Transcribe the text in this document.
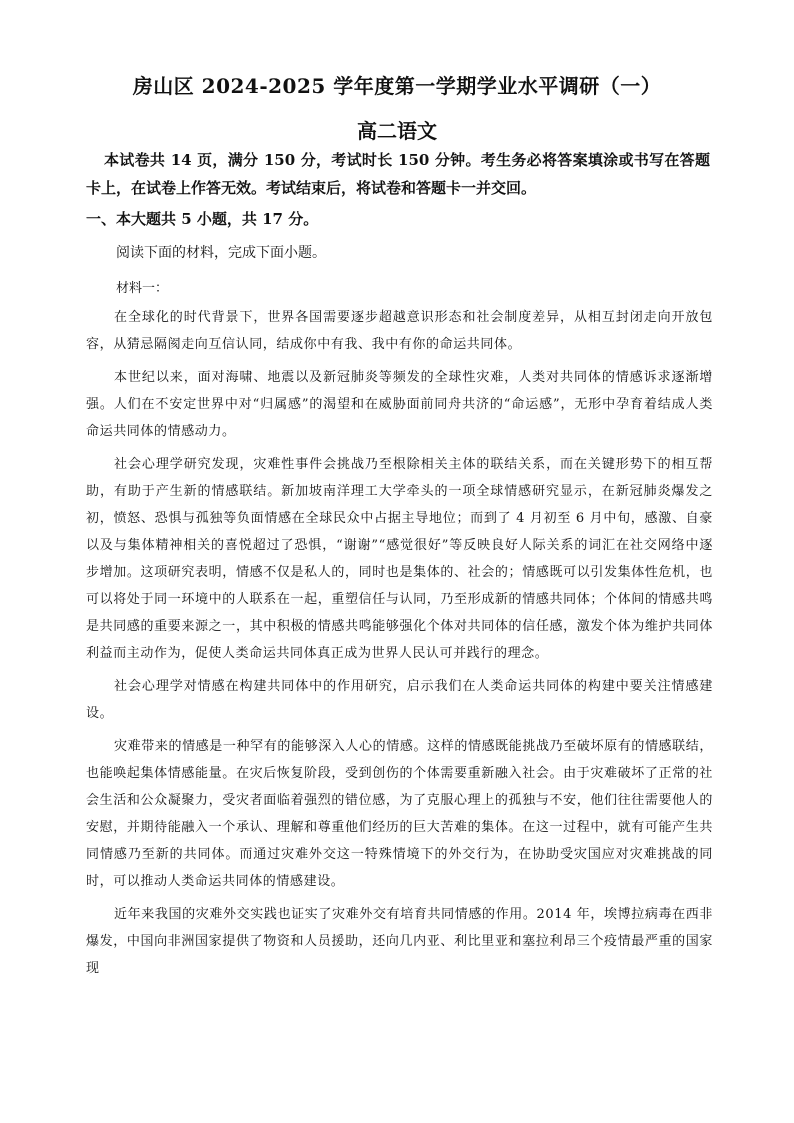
房山区 2024-2025 学年度第一学期学业水平调研（一）
高二语文
本试卷共 14 页，满分 150 分，考试时长 150 分钟。考生务必将答案填涂或书写在答题卡上，在试卷上作答无效。考试结束后，将试卷和答题卡一并交回。
一、本大题共 5 小题，共 17 分。
阅读下面的材料，完成下面小题。
材料一：

在全球化的时代背景下，世界各国需要逐步超越意识形态和社会制度差异，从相互封闭走向开放包容，从猜忌隔阂走向互信认同，结成你中有我、我中有你的命运共同体。

本世纪以来，面对海啸、地震以及新冠肺炎等频发的全球性灾难，人类对共同体的情感诉求逐渐增强。人们在不安定世界中对“归属感”的渴望和在威胁面前同舟共济的“命运感”，无形中孕育着结成人类命运共同体的情感动力。

社会心理学研究发现，灾难性事件会挑战乃至根除相关主体的联结关系，而在关键形势下的相互帮助，有助于产生新的情感联结。新加坡南洋理工大学牵头的一项全球情感研究显示，在新冠肺炎爆发之初，愤怒、恐惧与孤独等负面情感在全球民众中占据主导地位；而到了 4 月初至 6 月中旬，感激、自豪以及与集体精神相关的喜悦超过了恐惧，“谢谢”“感觉很好”等反映良好人际关系的词汇在社交网络中逐步增加。这项研究表明，情感不仅是私人的，同时也是集体的、社会的；情感既可以引发集体性危机，也可以将处于同一环境中的人联系在一起，重塑信任与认同，乃至形成新的情感共同体；个体间的情感共鸣是共同感的重要来源之一，其中积极的情感共鸣能够强化个体对共同体的信任感，激发个体为维护共同体利益而主动作为，促使人类命运共同体真正成为世界人民认可并践行的理念。

社会心理学对情感在构建共同体中的作用研究，启示我们在人类命运共同体的构建中要关注情感建设。

灾难带来的情感是一种罕有的能够深入人心的情感。这样的情感既能挑战乃至破坏原有的情感联结，也能唤起集体情感能量。在灾后恢复阶段，受到创伤的个体需要重新融入社会。由于灾难破坏了正常的社会生活和公众凝聚力，受灾者面临着强烈的错位感，为了克服心理上的孤独与不安，他们往往需要他人的安慰，并期待能融入一个承认、理解和尊重他们经历的巨大苦难的集体。在这一过程中，就有可能产生共同情感乃至新的共同体。而通过灾难外交这一特殊情境下的外交行为，在协助受灾国应对灾难挑战的同时，可以推动人类命运共同体的情感建设。

近年来我国的灾难外交实践也证实了灾难外交有培育共同情感的作用。2014 年，埃博拉病毒在西非爆发，中国向非洲国家提供了物资和人员援助，还向几内亚、利比里亚和塞拉利昂三个疫情最严重的国家现
